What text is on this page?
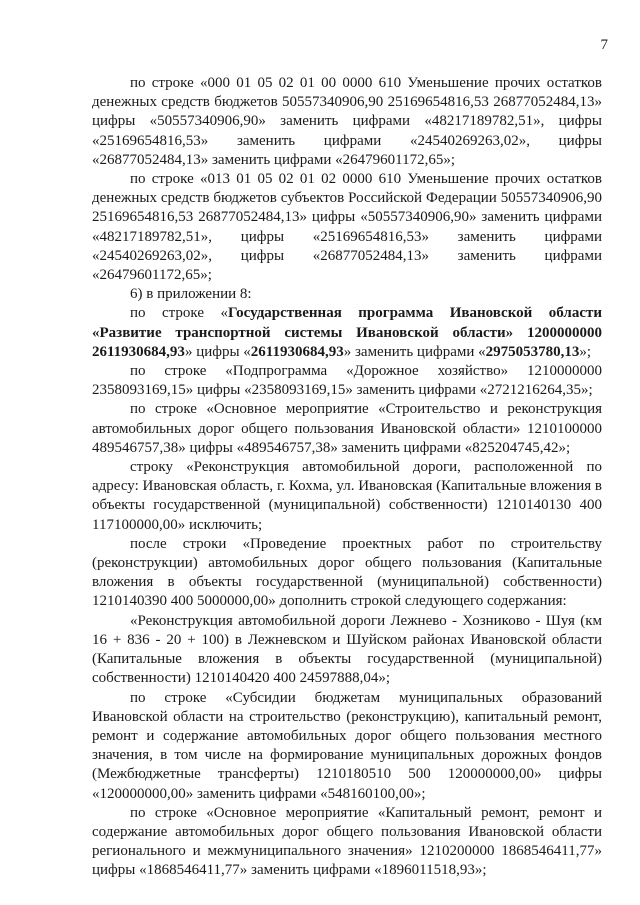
7

по строке «000 01 05 02 01 00 0000 610 Уменьшение прочих остатков денежных средств бюджетов 50557340906,90 25169654816,53 26877052484,13» цифры «50557340906,90» заменить цифрами «48217189782,51», цифры «25169654816,53» заменить цифрами «24540269263,02», цифры «26877052484,13» заменить цифрами «26479601172,65»;

по строке «013 01 05 02 01 02 0000 610 Уменьшение прочих остатков денежных средств бюджетов субъектов Российской Федерации 50557340906,90 25169654816,53 26877052484,13» цифры «50557340906,90» заменить цифрами «48217189782,51», цифры «25169654816,53» заменить цифрами «24540269263,02», цифры «26877052484,13» заменить цифрами «26479601172,65»;

6) в приложении 8:

по строке «Государственная программа Ивановской области «Развитие транспортной системы Ивановской области» 1200000000 2611930684,93» цифры «2611930684,93» заменить цифрами «2975053780,13»;

по строке «Подпрограмма «Дорожное хозяйство» 1210000000 2358093169,15» цифры «2358093169,15» заменить цифрами «2721216264,35»;

по строке «Основное мероприятие «Строительство и реконструкция автомобильных дорог общего пользования Ивановской области» 1210100000 489546757,38» цифры «489546757,38» заменить цифрами «825204745,42»;

строку «Реконструкция автомобильной дороги, расположенной по адресу: Ивановская область, г. Кохма, ул. Ивановская (Капитальные вложения в объекты государственной (муниципальной) собственности) 1210140130 400 117100000,00» исключить;

после строки «Проведение проектных работ по строительству (реконструкции) автомобильных дорог общего пользования (Капитальные вложения в объекты государственной (муниципальной) собственности) 1210140390 400 5000000,00» дополнить строкой следующего содержания:

«Реконструкция автомобильной дороги Лежнево - Хозниково - Шуя (км 16 + 836 - 20 + 100) в Лежневском и Шуйском районах Ивановской области (Капитальные вложения в объекты государственной (муниципальной) собственности) 1210140420 400 24597888,04»;

по строке «Субсидии бюджетам муниципальных образований Ивановской области на строительство (реконструкцию), капитальный ремонт, ремонт и содержание автомобильных дорог общего пользования местного значения, в том числе на формирование муниципальных дорожных фондов (Межбюджетные трансферты) 1210180510 500 120000000,00» цифры «120000000,00» заменить цифрами «548160100,00»;

по строке «Основное мероприятие «Капитальный ремонт, ремонт и содержание автомобильных дорог общего пользования Ивановской области регионального и межмуниципального значения» 1210200000 1868546411,77» цифры «1868546411,77» заменить цифрами «1896011518,93»;
